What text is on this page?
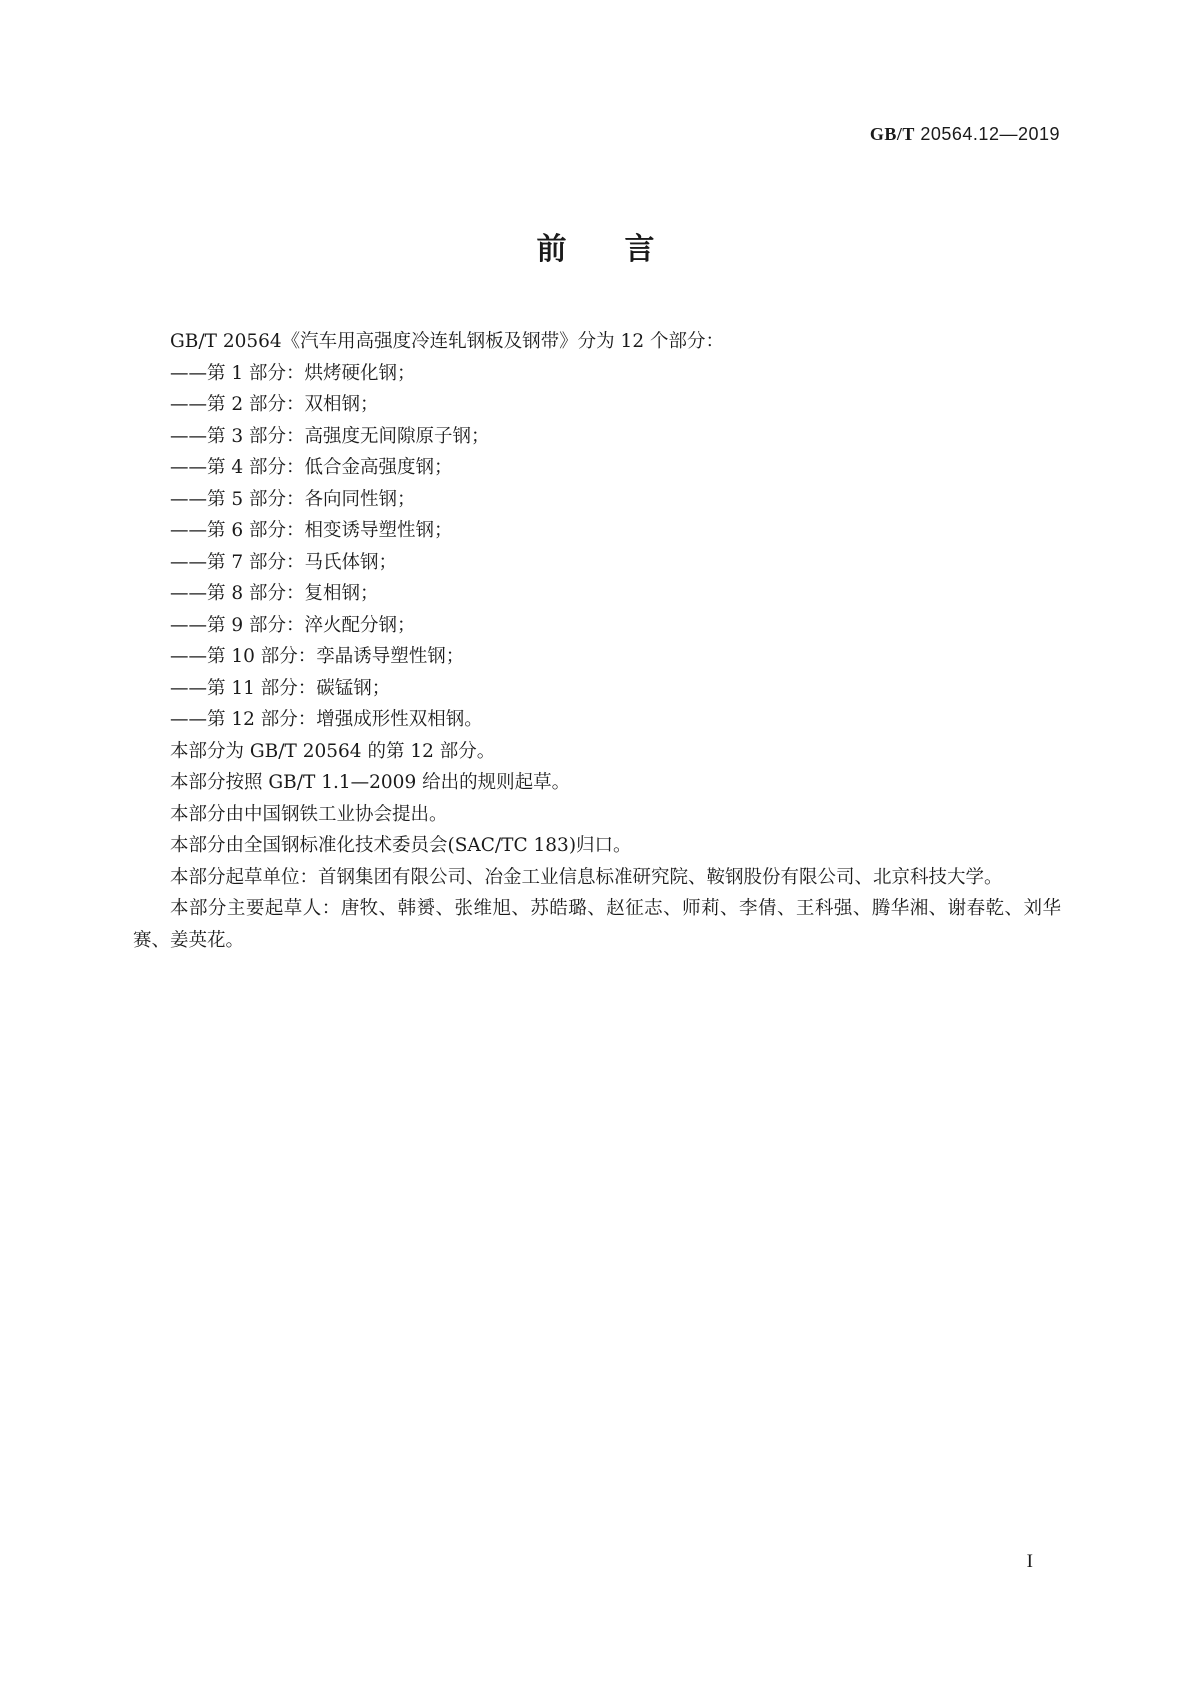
GB/T 20564.12—2019
前言

GB/T 20564《汽车用高强度冷连轧钢板及钢带》分为 12 个部分：

——第 1 部分：烘烤硬化钢；

——第 2 部分：双相钢；

——第 3 部分：高强度无间隙原子钢；

——第 4 部分：低合金高强度钢；

——第 5 部分：各向同性钢；

——第 6 部分：相变诱导塑性钢；

——第 7 部分：马氏体钢；

——第 8 部分：复相钢；

——第 9 部分：淬火配分钢；

——第 10 部分：孪晶诱导塑性钢；

——第 11 部分：碳锰钢；

——第 12 部分：增强成形性双相钢。

本部分为 GB/T 20564 的第 12 部分。

本部分按照 GB/T 1.1—2009 给出的规则起草。

本部分由中国钢铁工业协会提出。

本部分由全国钢标准化技术委员会(SAC/TC 183)归口。

本部分起草单位：首钢集团有限公司、冶金工业信息标准研究院、鞍钢股份有限公司、北京科技大学。

本部分主要起草人：唐牧、韩赟、张维旭、苏皓璐、赵征志、师莉、李倩、王科强、腾华湘、谢春乾、刘华赛、姜英花。

I
